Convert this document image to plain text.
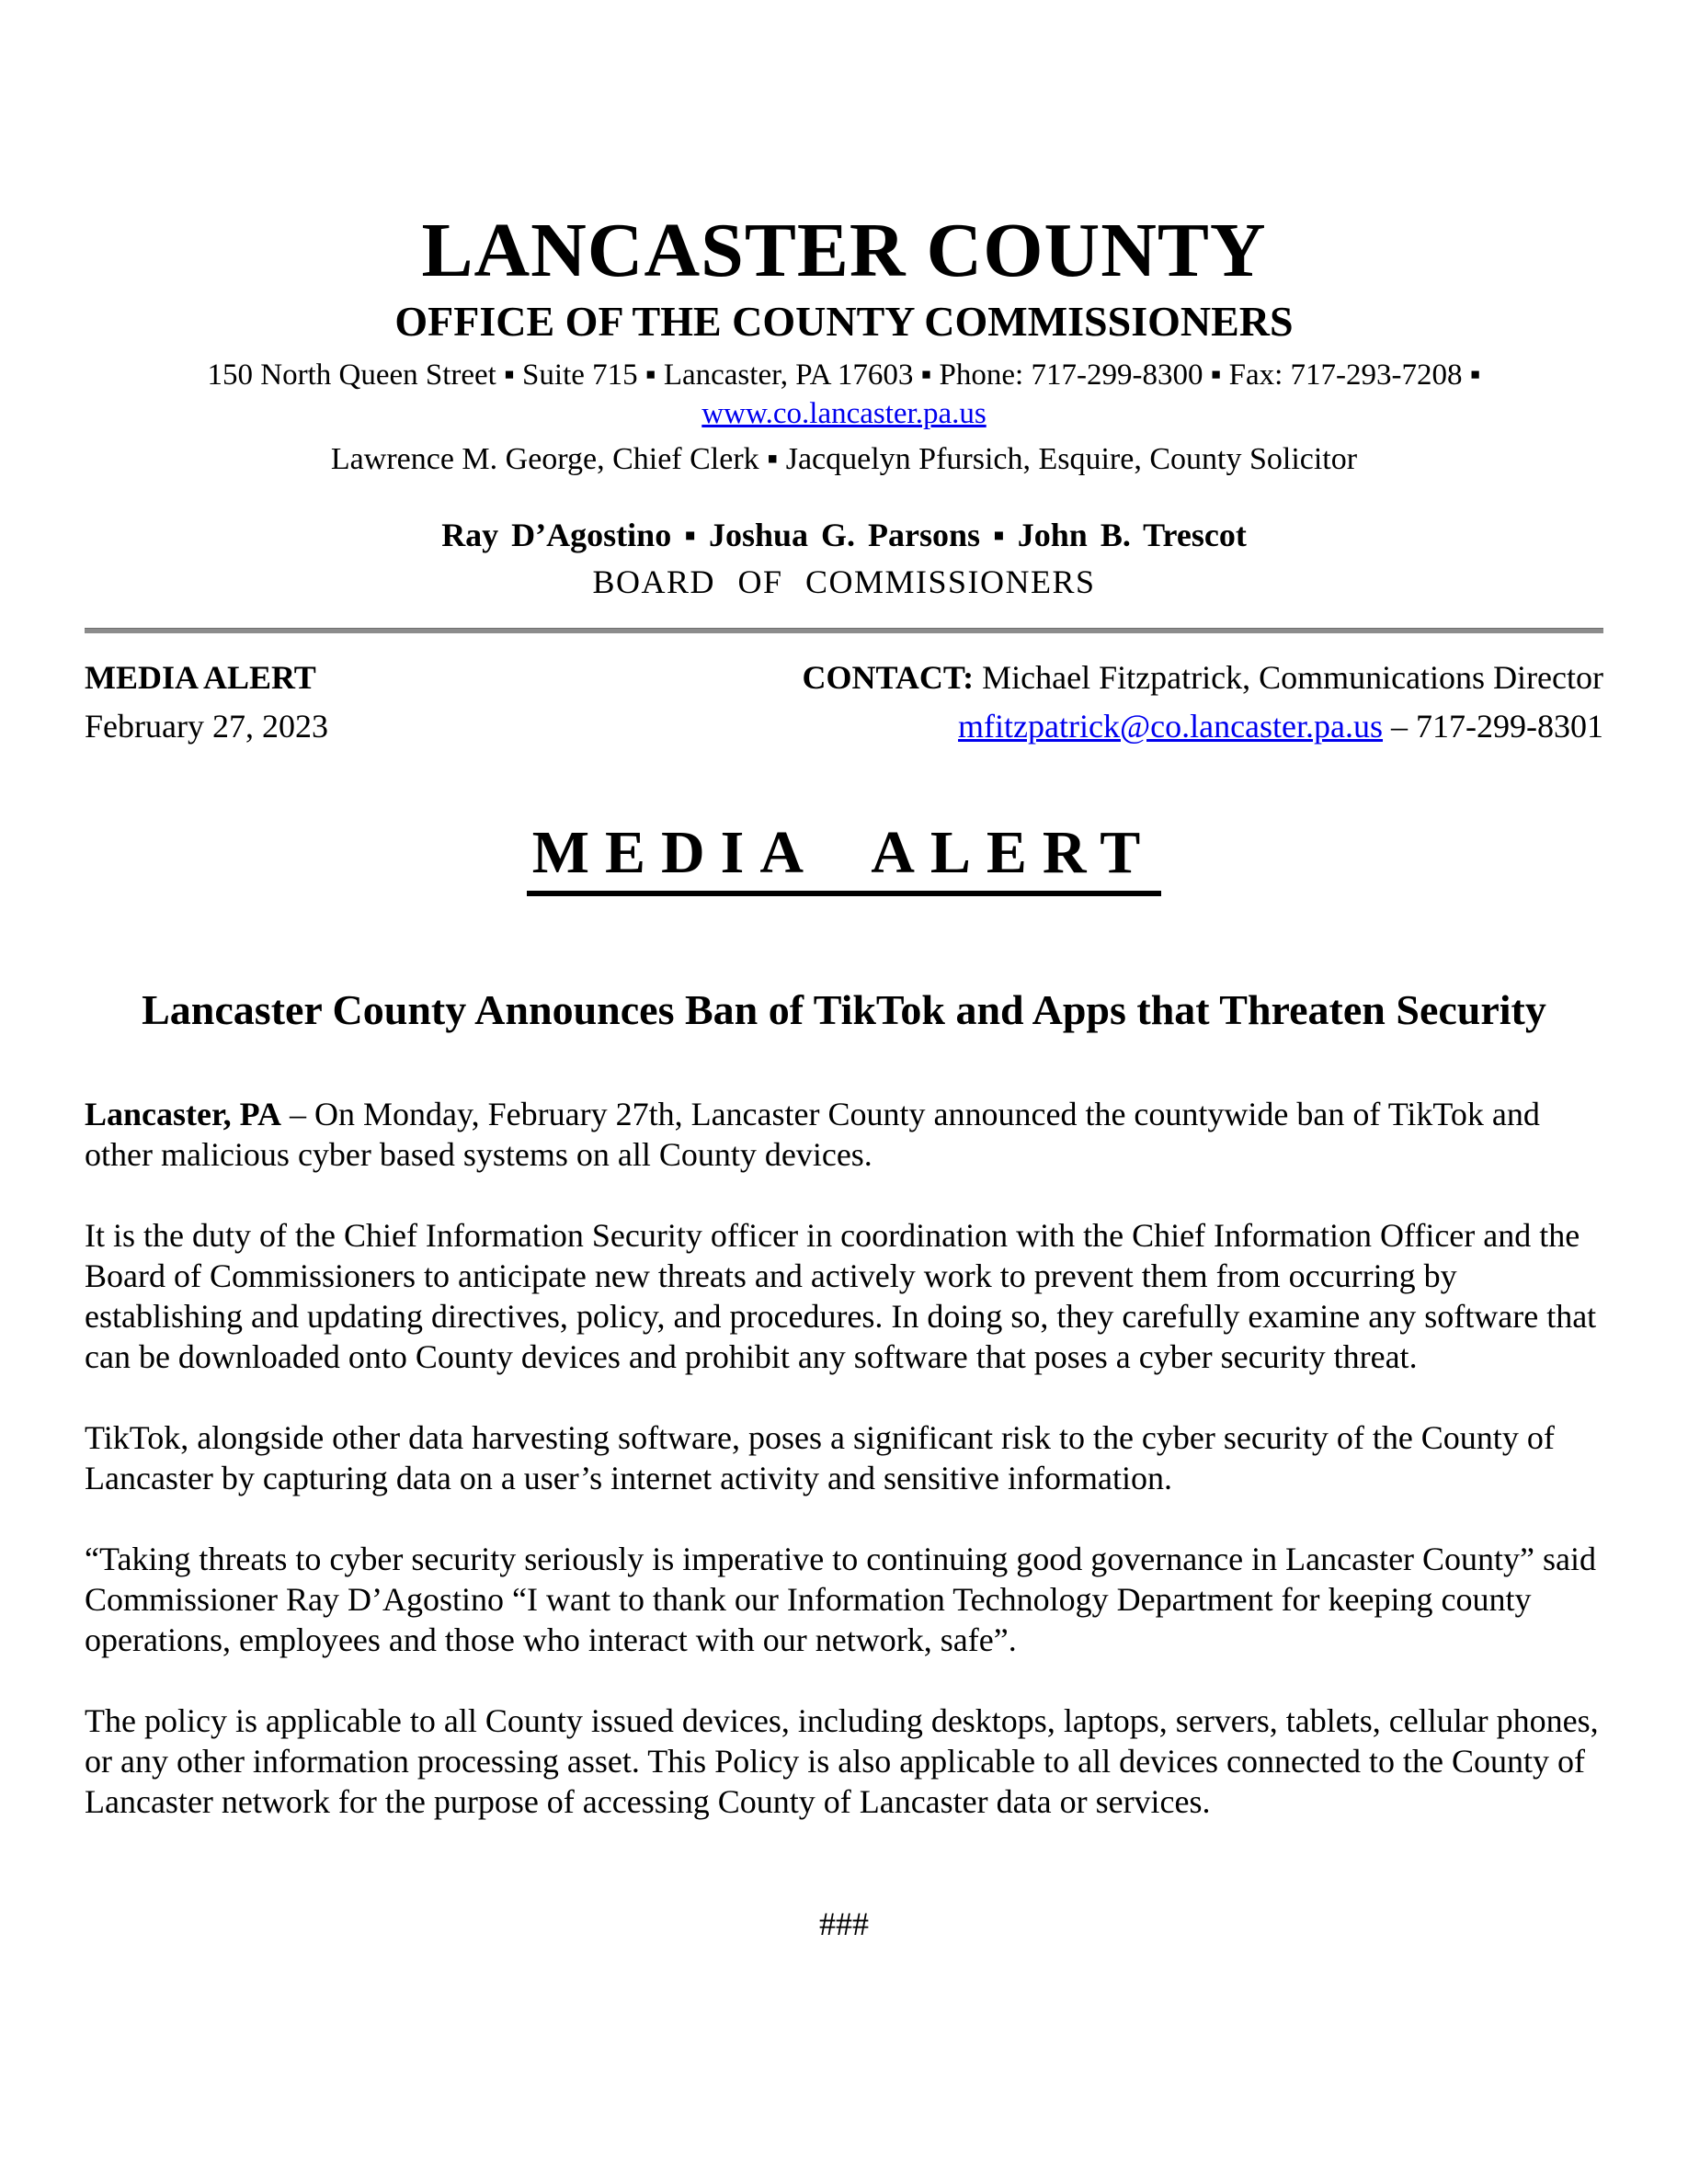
LANCASTER COUNTY
OFFICE OF THE COUNTY COMMISSIONERS

150 North Queen Street ▪ Suite 715 ▪ Lancaster, PA 17603 ▪ Phone: 717-299-8300 ▪ Fax: 717-293-7208 ▪ www.co.lancaster.pa.us

Lawrence M. George, Chief Clerk ▪ Jacquelyn Pfursich, Esquire, County Solicitor

Ray D’Agostino ▪ Joshua G. Parsons ▪ John B. Trescot

BOARD OF COMMISSIONERS

MEDIA ALERT

February 27, 2023

CONTACT: Michael Fitzpatrick, Communications Director

mfitzpatrick@co.lancaster.pa.us – 717-299-8301

MEDIA ALERT
Lancaster County Announces Ban of TikTok and Apps that Threaten Security

Lancaster, PA – On Monday, February 27th, Lancaster County announced the countywide ban of TikTok and other malicious cyber based systems on all County devices.

It is the duty of the Chief Information Security officer in coordination with the Chief Information Officer and the Board of Commissioners to anticipate new threats and actively work to prevent them from occurring by establishing and updating directives, policy, and procedures. In doing so, they carefully examine any software that can be downloaded onto County devices and prohibit any software that poses a cyber security threat.

TikTok, alongside other data harvesting software, poses a significant risk to the cyber security of the County of Lancaster by capturing data on a user’s internet activity and sensitive information.

“Taking threats to cyber security seriously is imperative to continuing good governance in Lancaster County” said Commissioner Ray D’Agostino “I want to thank our Information Technology Department for keeping county operations, employees and those who interact with our network, safe”.

The policy is applicable to all County issued devices, including desktops, laptops, servers, tablets, cellular phones, or any other information processing asset. This Policy is also applicable to all devices connected to the County of Lancaster network for the purpose of accessing County of Lancaster data or services.

###
